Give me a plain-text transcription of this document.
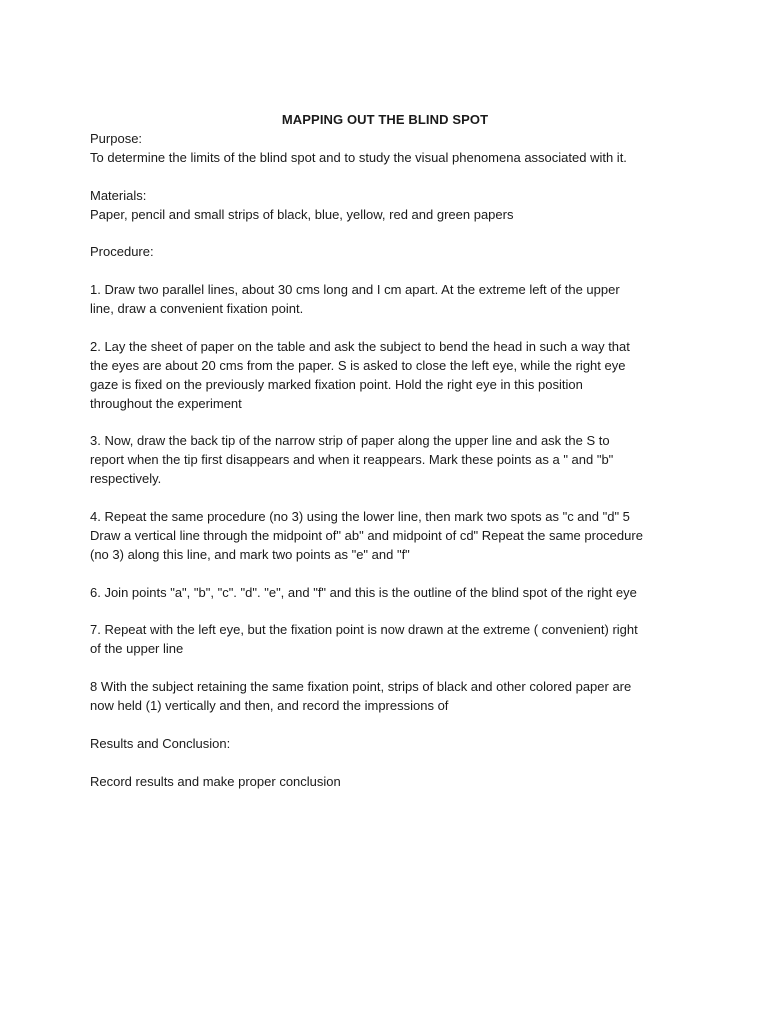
MAPPING OUT THE BLIND SPOT
Purpose:
To determine the limits of the blind spot and to study the visual phenomena associated with it.
Materials:
Paper, pencil and small strips of black, blue, yellow, red and green papers
Procedure:
1. Draw two parallel lines, about 30 cms long and I cm apart. At the extreme left of the upper
line, draw a convenient fixation point.
2. Lay the sheet of paper on the table and ask the subject to bend the head in such a way that
the eyes are about 20 cms from the paper. S is asked to close the left eye, while the right eye
gaze is fixed on the previously marked fixation point. Hold the right eye in this position
throughout the experiment
3. Now, draw the back tip of the narrow strip of paper along the upper line and ask the S to
report when the tip first disappears and when it reappears. Mark these points as a " and "b"
respectively.
4. Repeat the same procedure (no 3) using the lower line, then mark two spots as "c and "d" 5
Draw a vertical line through the midpoint of" ab" and midpoint of cd" Repeat the same procedure
(no 3) along this line, and mark two points as "e" and "f"
6. Join points "a", "b", "c". "d". "e", and "f" and this is the outline of the blind spot of the right eye
7. Repeat with the left eye, but the fixation point is now drawn at the extreme ( convenient) right
of the upper line
8 With the subject retaining the same fixation point, strips of black and other colored paper are
now held (1) vertically and then, and record the impressions of
Results and Conclusion:
Record results and make proper conclusion
